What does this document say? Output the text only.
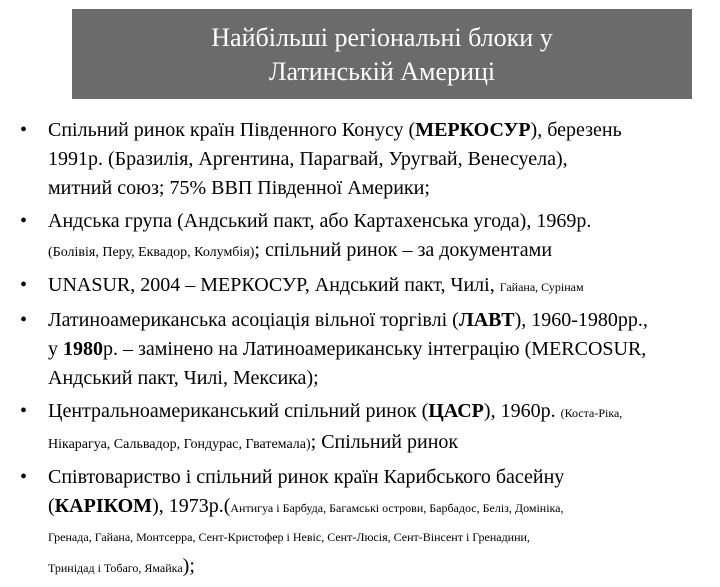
Найбільші регіональні блоки у
Латинській Америці
• Спільний ринок країн Південного Конусу (МЕРКОСУР), березень
1991р. (Бразилія, Аргентина, Парагвай, Уругвай, Венесуела),
митний союз; 75% ВВП Південної Америки;
• Андська група (Андський пакт, або Картахенська угода), 1969р.
(Болівія, Перу, Еквадор, Колумбія); спільний ринок – за документами
• UNASUR, 2004 – МЕРКОСУР, Андський пакт, Чилі, Гайана, Сурінам
• Латиноамериканська асоціація вільної торгівлі (ЛАВТ), 1960-1980рр.,
у 1980р. – замінено на Латиноамериканську інтеграцію (MERCOSUR,
Андський пакт, Чилі, Мексика);
• Центральноамериканський спільний ринок (ЦАСР), 1960р. (Коста-Ріка,
Нікарагуа, Сальвадор, Гондурас, Гватемала); Спільний ринок
• Співтовариство і спільний ринок країн Карибського басейну
(КАРІКОМ), 1973р.(Антигуа і Барбуда, Багамські острови, Барбадос, Беліз, Домініка,
Гренада, Гайана, Монтсерра, Сент-Кристофер і Невіс, Сент-Люсія, Сент-Вінсент і Гренадини,
Тринідад і Тобаго, Ямайка);
